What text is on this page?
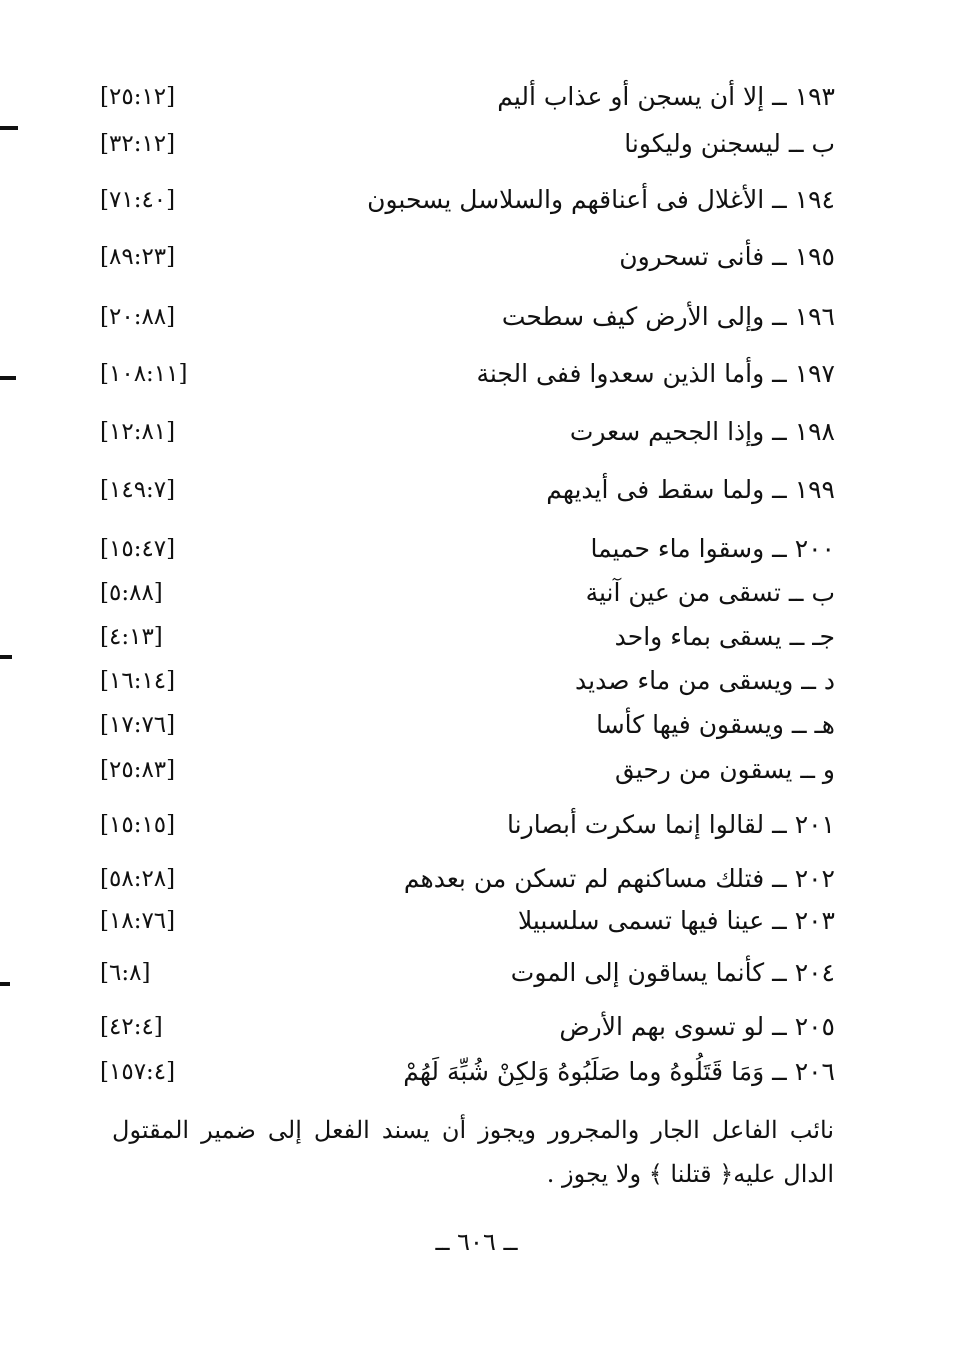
١٩٣ ــ إلا أن يسجن أو عذاب أليم
[٢٥:١٢]
ب ــ ليسجنن وليكونا
[٣٢:١٢]
١٩٤ ــ الأغلال فى أعناقهم والسلاسل يسحبون
[٧١:٤٠]
١٩٥ ــ فأنى تسحرون
[٨٩:٢٣]
١٩٦ ــ وإلى الأرض كيف سطحت
[٢٠:٨٨]
١٩٧ ــ وأما الذين سعدوا ففى الجنة
[١٠٨:١١]
١٩٨ ــ وإذا الجحيم سعرت
[١٢:٨١]
١٩٩ ــ ولما سقط فى أيديهم
[١٤٩:٧]
٢٠٠ ــ وسقوا ماء حميما
[١٥:٤٧]
ب ــ تسقى من عين آنية
[٥:٨٨]
جـ ــ يسقى بماء واحد
[٤:١٣]
د ــ ويسقى من ماء صديد
[١٦:١٤]
هـ ــ ويسقون فيها كأسا
[١٧:٧٦]
و ــ يسقون من رحيق
[٢٥:٨٣]
٢٠١ ــ لقالوا إنما سكرت أبصارنا
[١٥:١٥]
٢٠٢ ــ فتلك مساكنهم لم تسكن من بعدهم
[٥٨:٢٨]
٢٠٣ ــ عينا فيها تسمى سلسبيلا
[١٨:٧٦]
٢٠٤ ــ كأنما يساقون إلى الموت
[٦:٨]
٢٠٥ ــ لو تسوى بهم الأرض
[٤٢:٤]
٢٠٦ ــ وَمَا قَتَلُوهُ وما صَلَبُوهُ وَلكِنْ شُبِّهَ لَهُمْ
[١٥٧:٤]
نائب الفاعل الجار والمجرور ويجوز أن يسند الفعل إلى ضمير المقتول الدال عليه﴿ قتلنا ﴾ ولا يجوز .
ــ ٦٠٦ ــ
